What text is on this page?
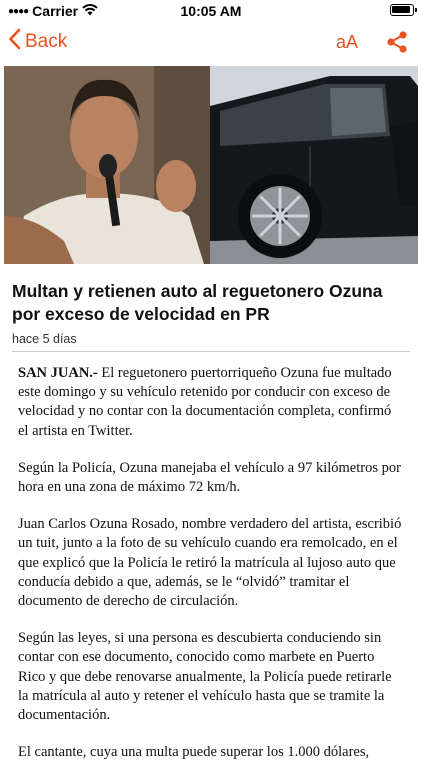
●●●● Carrier	10:05 AM
Back	aA
Multan y retienen auto al reguetonero Ozuna por exceso de velocidad en PR
hace 5 días

SAN JUAN.- El reguetonero puertorriqueño Ozuna fue multado este domingo y su vehículo retenido por conducir con exceso de velocidad y no contar con la documentación completa, confirmó el artista en Twitter.

Según la Policía, Ozuna manejaba el vehículo a 97 kilómetros por hora en una zona de máximo 72 km/h.

Juan Carlos Ozuna Rosado, nombre verdadero del artista, escribió un tuit, junto a la foto de su vehículo cuando era remolcado, en el que explicó que la Policía le retiró la matrícula al lujoso auto que conducía debido a que, además, se le “olvidó” tramitar el documento de derecho de circulación.

Según las leyes, si una persona es descubierta conduciendo sin contar con ese documento, conocido como marbete en Puerto Rico y que debe renovarse anualmente, la Policía puede retirarle la matrícula al auto y retener el vehículo hasta que se tramite la documentación.

El cantante, cuya una multa puede superar los 1.000 dólares,
